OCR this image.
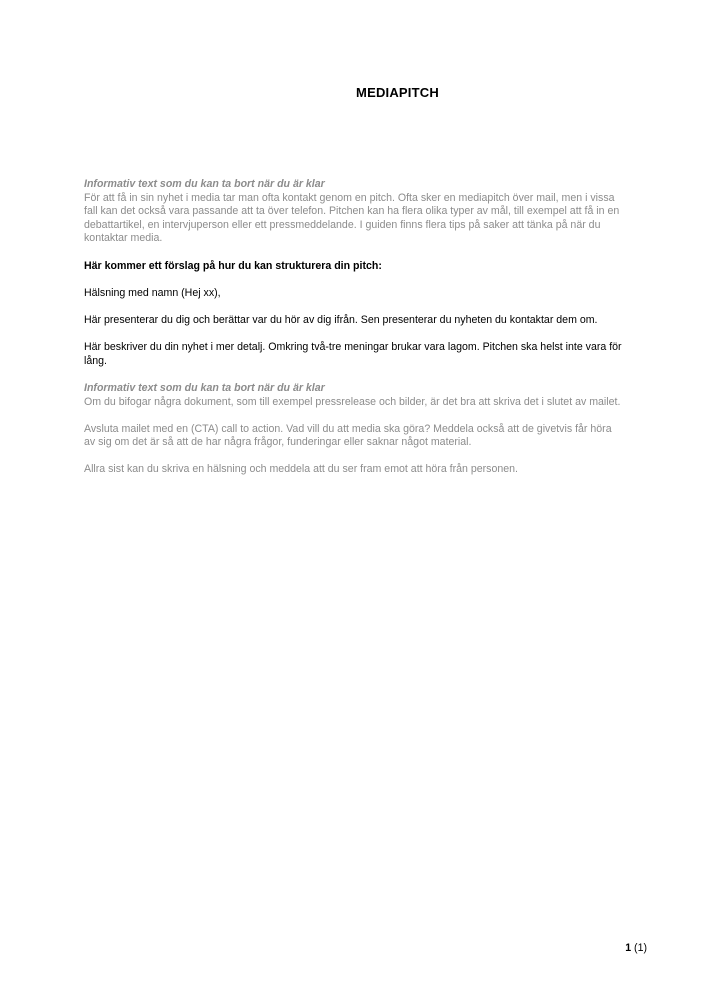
MEDIAPITCH
Informativ text som du kan ta bort när du är klar
För att få in sin nyhet i media tar man ofta kontakt genom en pitch. Ofta sker en mediapitch över mail, men i vissa fall kan det också vara passande att ta över telefon. Pitchen kan ha flera olika typer av mål, till exempel att få in en debattartikel, en intervjuperson eller ett pressmeddelande. I guiden finns flera tips på saker att tänka på när du kontaktar media.
Här kommer ett förslag på hur du kan strukturera din pitch:
Hälsning med namn (Hej xx),
Här presenterar du dig och berättar var du hör av dig ifrån. Sen presenterar du nyheten du kontaktar dem om.
Här beskriver du din nyhet i mer detalj. Omkring två-tre meningar brukar vara lagom. Pitchen ska helst inte vara för lång.
Informativ text som du kan ta bort när du är klar
Om du bifogar några dokument, som till exempel pressrelease och bilder, är det bra att skriva det i slutet av mailet.
Avsluta mailet med en (CTA) call to action. Vad vill du att media ska göra? Meddela också att de givetvis får höra av sig om det är så att de har några frågor, funderingar eller saknar något material.
Allra sist kan du skriva en hälsning och meddela att du ser fram emot att höra från personen.
1 (1)
